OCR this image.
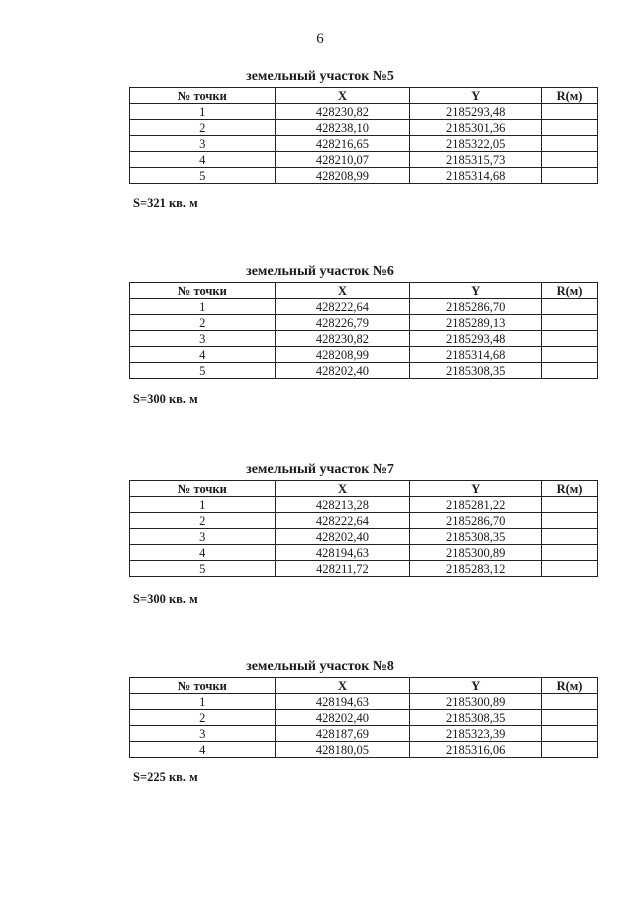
6
земельный участок №5
№ точки	X	Y	R(м)
1	428230,82	2185293,48	
2	428238,10	2185301,36	
3	428216,65	2185322,05	
4	428210,07	2185315,73	
5	428208,99	2185314,68	
S=321 кв. м
земельный участок №6
№ точки	X	Y	R(м)
1	428222,64	2185286,70	
2	428226,79	2185289,13	
3	428230,82	2185293,48	
4	428208,99	2185314,68	
5	428202,40	2185308,35	
S=300 кв. м
земельный участок №7
№ точки	X	Y	R(м)
1	428213,28	2185281,22	
2	428222,64	2185286,70	
3	428202,40	2185308,35	
4	428194,63	2185300,89	
5	428211,72	2185283,12	
S=300 кв. м
земельный участок №8
№ точки	X	Y	R(м)
1	428194,63	2185300,89	
2	428202,40	2185308,35	
3	428187,69	2185323,39	
4	428180,05	2185316,06	
S=225 кв. м
